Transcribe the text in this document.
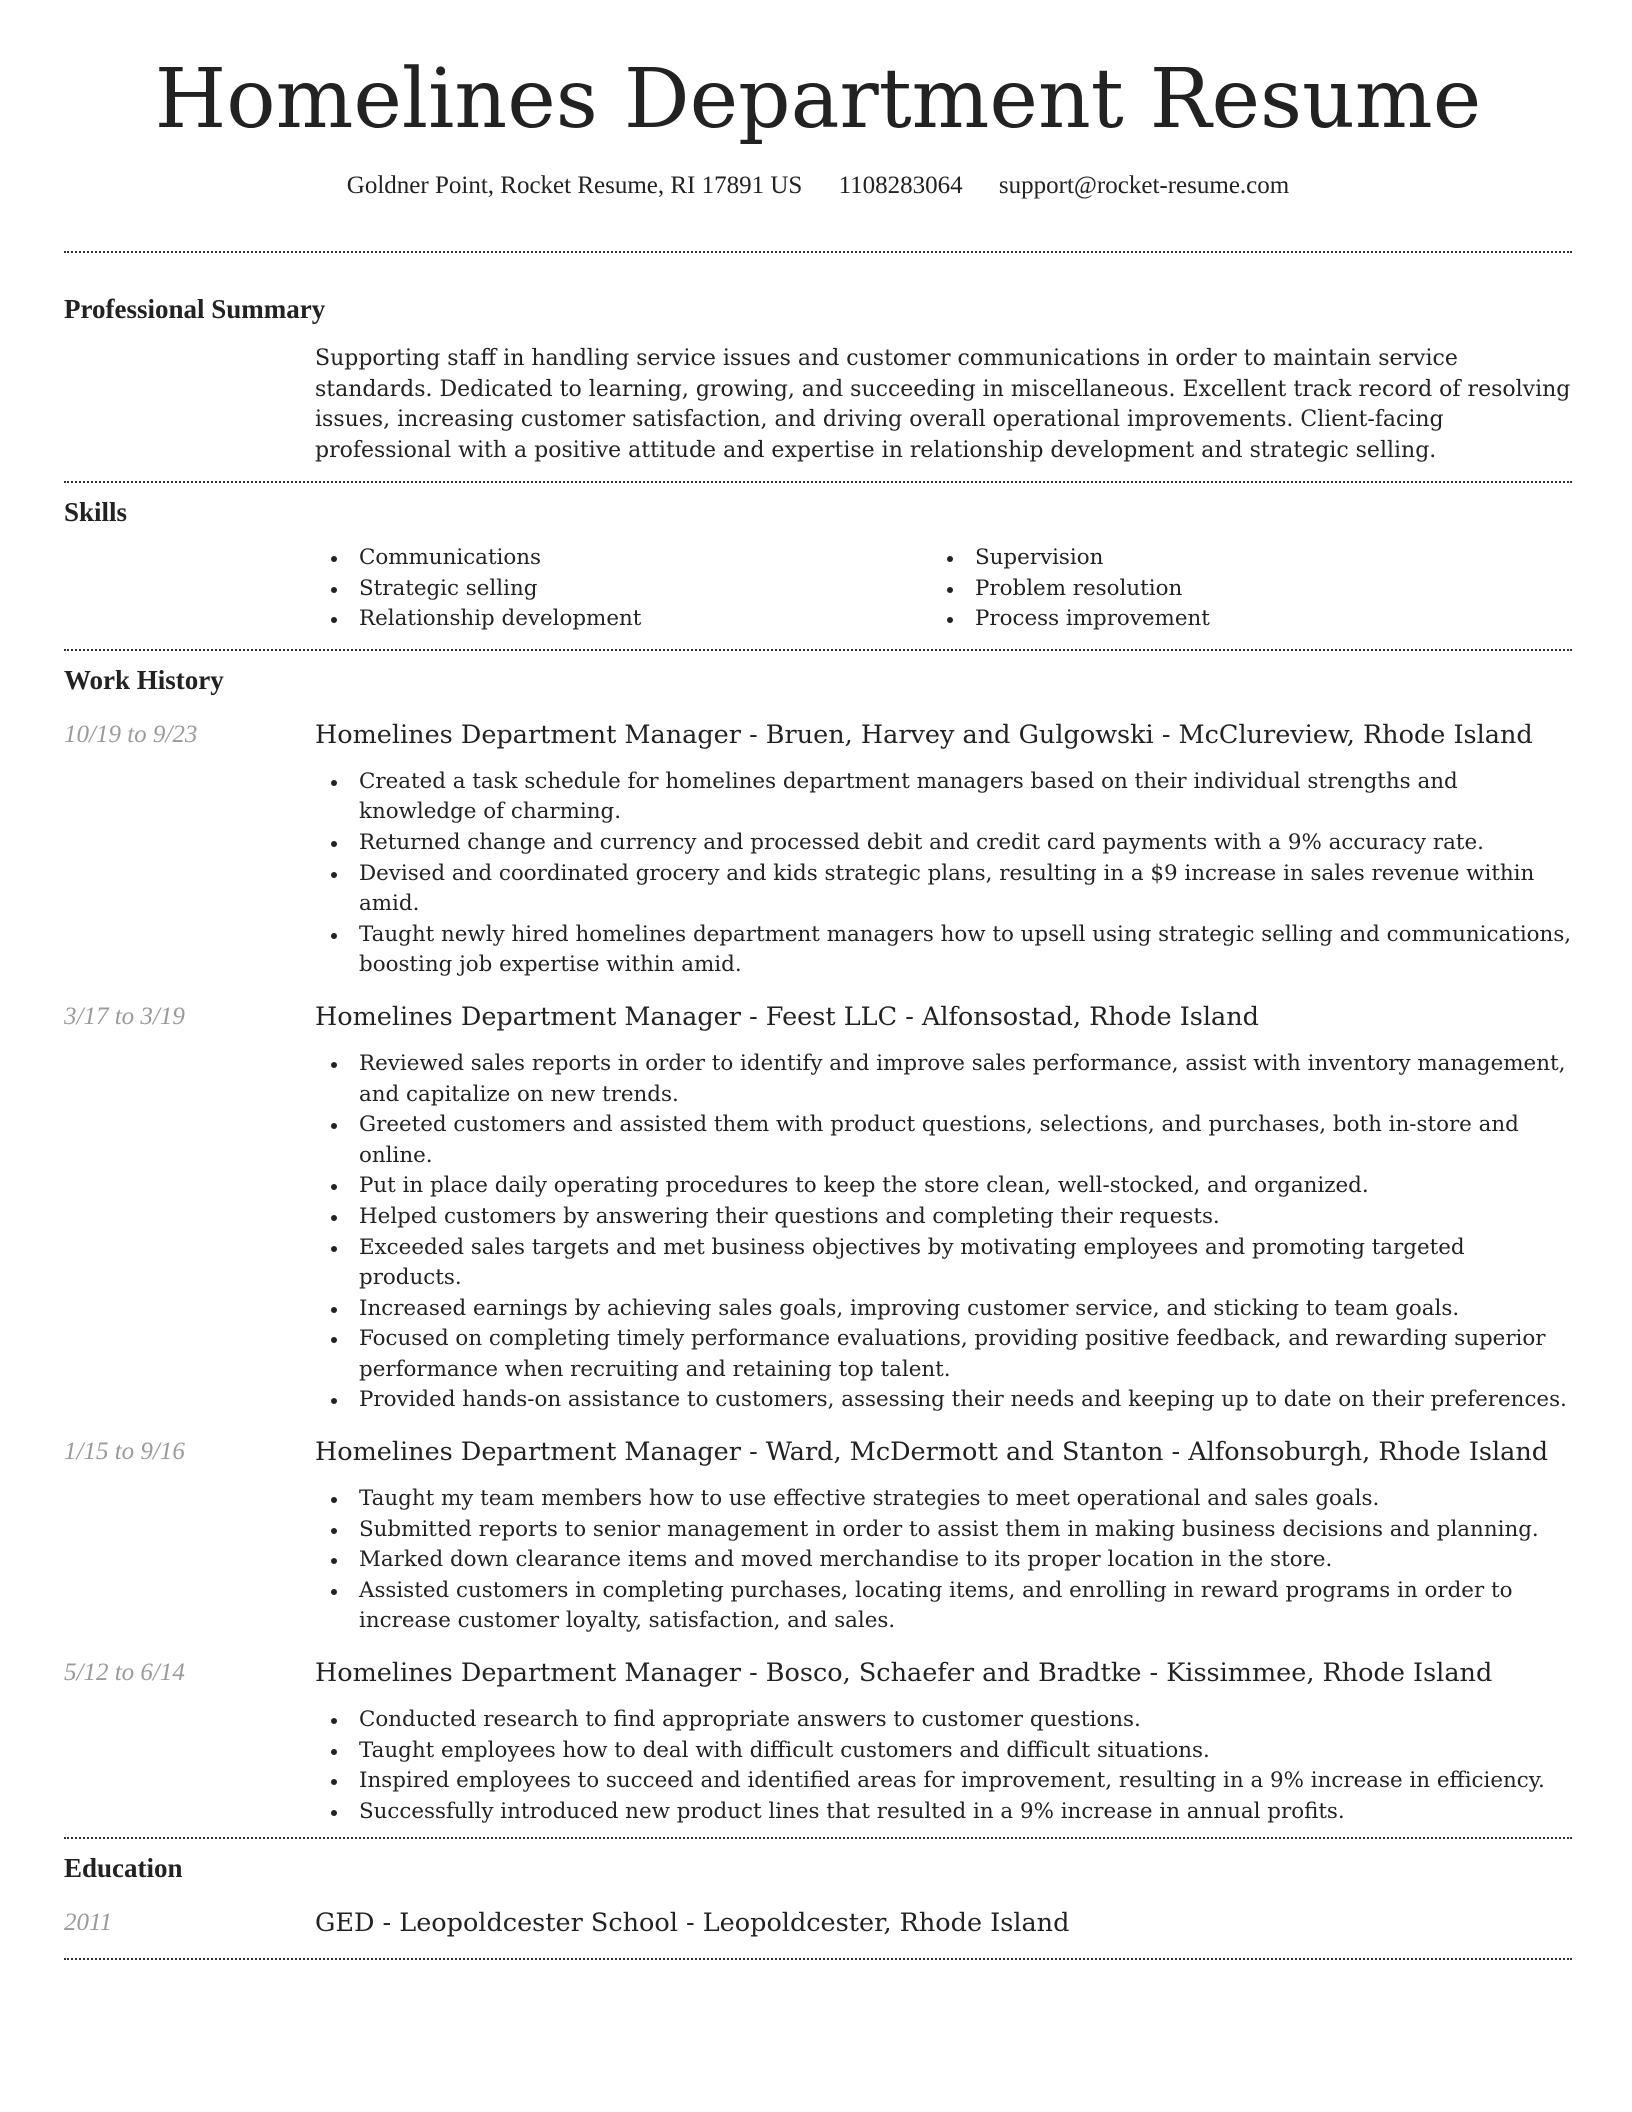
Homelines Department Resume
Goldner Point, Rocket Resume, RI 17891 US 1108283064 support@rocket-resume.com
Professional Summary

Supporting staff in handling service issues and customer communications in order to maintain service standards. Dedicated to learning, growing, and succeeding in miscellaneous. Excellent track record of resolving issues, increasing customer satisfaction, and driving overall operational improvements. Client-facing professional with a positive attitude and expertise in relationship development and strategic selling.

Skills
Communications
Strategic selling
Relationship development
Supervision
Problem resolution
Process improvement
Work History
10/19 to 9/23	Homelines Department Manager - Bruen, Harvey and Gulgowski - McClureview, Rhode Island
Created a task schedule for homelines department managers based on their individual strengths and knowledge of charming.
Returned change and currency and processed debit and credit card payments with a 9% accuracy rate.
Devised and coordinated grocery and kids strategic plans, resulting in a $9 increase in sales revenue within amid.
Taught newly hired homelines department managers how to upsell using strategic selling and communications, boosting job expertise within amid.
3/17 to 3/19	Homelines Department Manager - Feest LLC - Alfonsostad, Rhode Island
Reviewed sales reports in order to identify and improve sales performance, assist with inventory management, and capitalize on new trends.
Greeted customers and assisted them with product questions, selections, and purchases, both in-store and online.
Put in place daily operating procedures to keep the store clean, well-stocked, and organized.
Helped customers by answering their questions and completing their requests.
Exceeded sales targets and met business objectives by motivating employees and promoting targeted products.
Increased earnings by achieving sales goals, improving customer service, and sticking to team goals.
Focused on completing timely performance evaluations, providing positive feedback, and rewarding superior performance when recruiting and retaining top talent.
Provided hands-on assistance to customers, assessing their needs and keeping up to date on their preferences.
1/15 to 9/16	Homelines Department Manager - Ward, McDermott and Stanton - Alfonsoburgh, Rhode Island
Taught my team members how to use effective strategies to meet operational and sales goals.
Submitted reports to senior management in order to assist them in making business decisions and planning.
Marked down clearance items and moved merchandise to its proper location in the store.
Assisted customers in completing purchases, locating items, and enrolling in reward programs in order to increase customer loyalty, satisfaction, and sales.
5/12 to 6/14	Homelines Department Manager - Bosco, Schaefer and Bradtke - Kissimmee, Rhode Island
Conducted research to find appropriate answers to customer questions.
Taught employees how to deal with difficult customers and difficult situations.
Inspired employees to succeed and identified areas for improvement, resulting in a 9% increase in efficiency.
Successfully introduced new product lines that resulted in a 9% increase in annual profits.
Education
2011	GED - Leopoldcester School - Leopoldcester, Rhode Island
